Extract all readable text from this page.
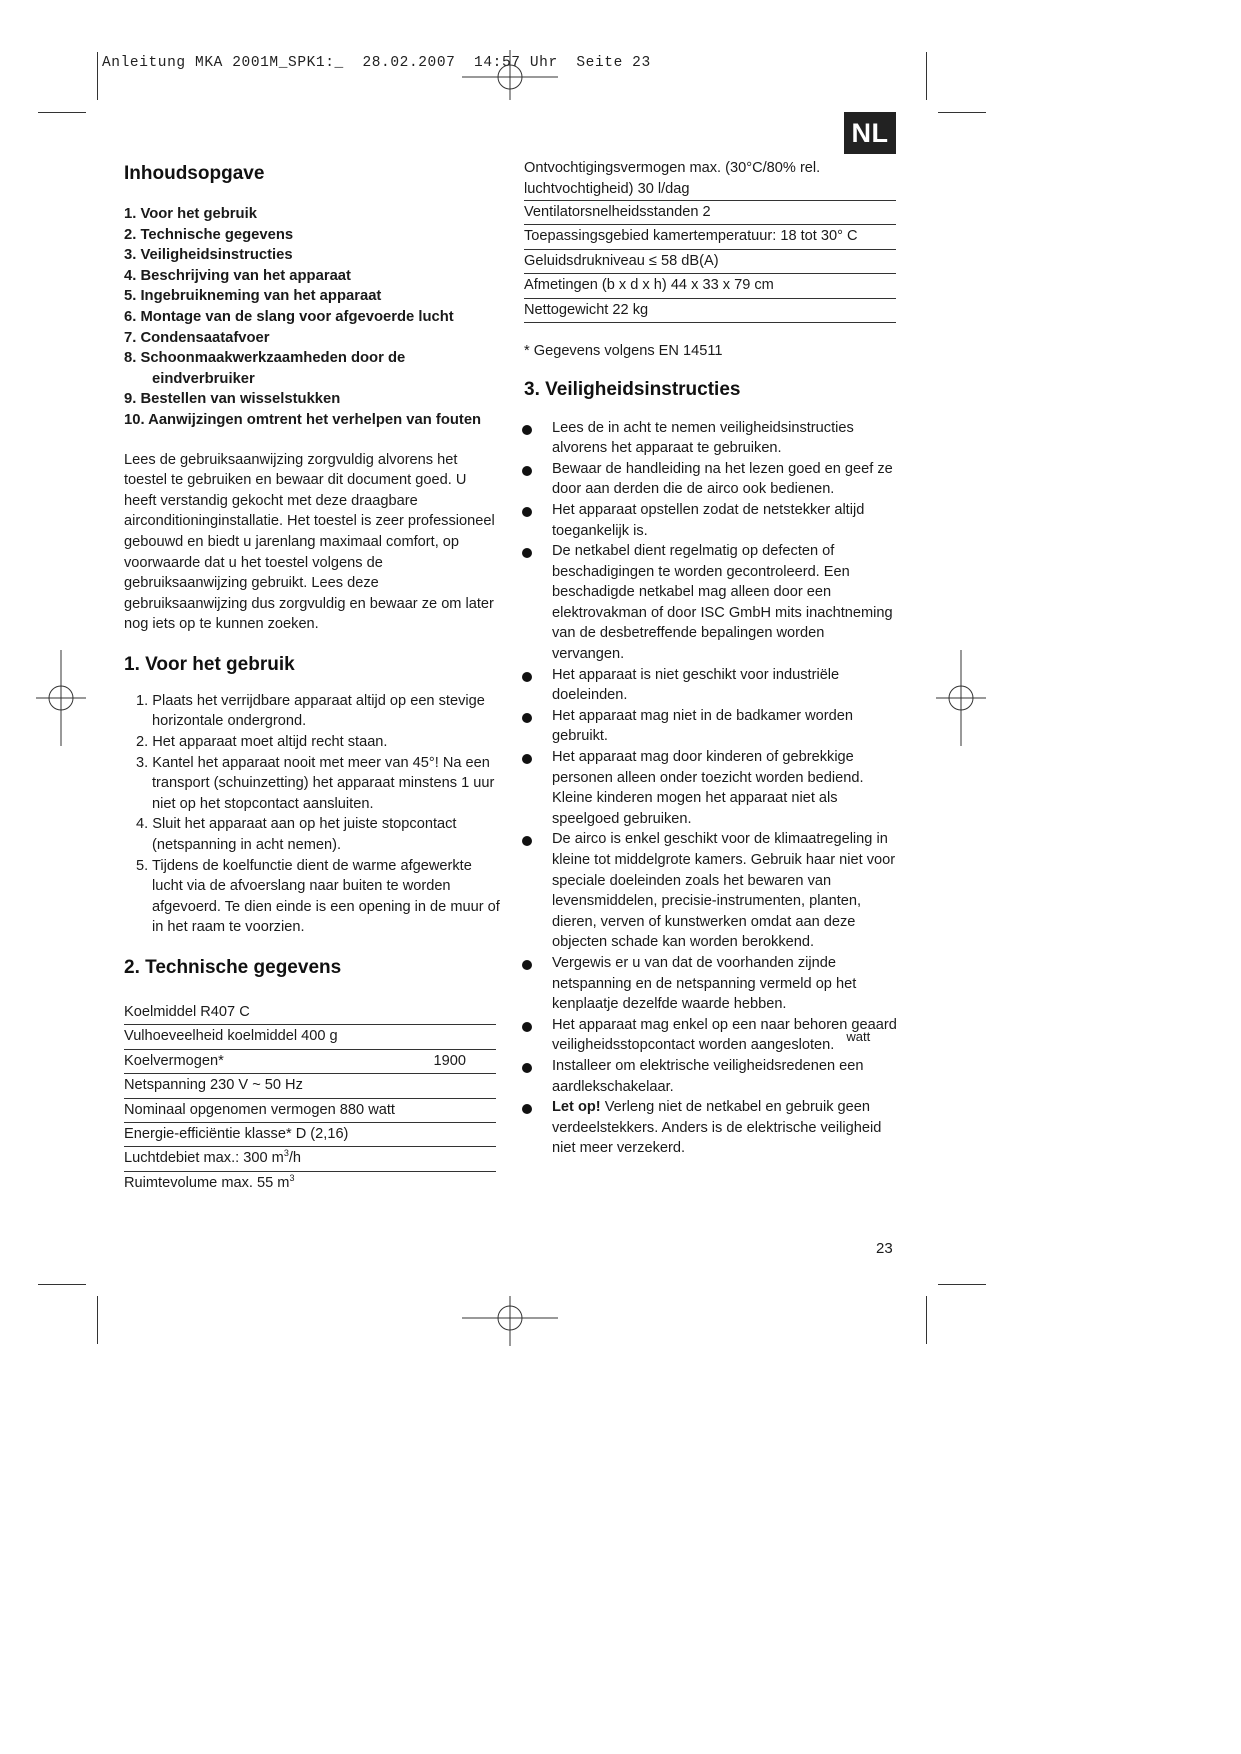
Anleitung MKA 2001M_SPK1:_  28.02.2007  14:57 Uhr  Seite 23
NL
Inhoudsopgave
1. Voor het gebruik
2. Technische gegevens
3. Veiligheidsinstructies
4. Beschrijving van het apparaat
5. Ingebruikneming van het apparaat
6. Montage van de slang voor afgevoerde lucht
7. Condensaatafvoer
8. Schoonmaakwerkzaamheden door de eindverbruiker
9. Bestellen van wisselstukken
10. Aanwijzingen omtrent het verhelpen van fouten

Lees de gebruiksaanwijzing zorgvuldig alvorens het toestel te gebruiken en bewaar dit document goed. U heeft verstandig gekocht met deze draagbare airconditioninginstallatie. Het toestel is zeer professioneel gebouwd en biedt u jarenlang maximaal comfort, op voorwaarde dat u het toestel volgens de gebruiksaanwijzing gebruikt. Lees deze gebruiksaanwijzing dus zorgvuldig en bewaar ze om later nog iets op te kunnen zoeken.

1. Voor het gebruik
1. Plaats het verrijdbare apparaat altijd op een stevige horizontale ondergrond.
2. Het apparaat moet altijd recht staan.
3. Kantel het apparaat nooit met meer van 45°! Na een transport (schuinzetting) het apparaat minstens 1 uur niet op het stopcontact aansluiten.
4. Sluit het apparaat aan op het juiste stopcontact (netspanning in acht nemen).
5. Tijdens de koelfunctie dient de warme afgewerkte lucht via de afvoerslang naar buiten te worden afgevoerd. Te dien einde is een opening in de muur of in het raam te voorzien.
2. Technische gegevens
Koelmiddel R407 C
Vulhoeveelheid koelmiddel 400 g
Koelvermogen*	1900
Netspanning 230 V ~ 50 Hz
Nominaal opgenomen vermogen 880 watt
Energie-efficiëntie klasse* D (2,16)
Luchtdebiet max.: 300 $m^3/h$
Ruimtevolume max. 55 $m^3$
Ontvochtigingsvermogen max. (30°C/80% rel. luchtvochtigheid) 30 l/dag
Ventilatorsnelheidsstanden 2
Toepassingsgebied kamertemperatuur: 18 tot 30° C
Geluidsdrukniveau ≤ 58 dB(A)
Afmetingen (b x d x h) 44 x 33 x 79 cm
Nettogewicht 22 kg

* Gegevens volgens EN 14511

3. Veiligheidsinstructies
Lees de in acht te nemen veiligheidsinstructies alvorens het apparaat te gebruiken.
Bewaar de handleiding na het lezen goed en geef ze door aan derden die de airco ook bedienen.
Het apparaat opstellen zodat de netstekker altijd toegankelijk is.
De netkabel dient regelmatig op defecten of beschadigingen te worden gecontroleerd. Een beschadigde netkabel mag alleen door een elektrovakman of door ISC GmbH mits inachtneming van de desbetreffende bepalingen worden vervangen.
Het apparaat is niet geschikt voor industriële doeleinden.
Het apparaat mag niet in de badkamer worden gebruikt.
Het apparaat mag door kinderen of gebrekkige personen alleen onder toezicht worden bediend. Kleine kinderen mogen het apparaat niet als speelgoed gebruiken.
De airco is enkel geschikt voor de klimaatregeling in kleine tot middelgrote kamers. Gebruik haar niet voor speciale doeleinden zoals het bewaren van levensmiddelen, precisie-instrumenten, planten, dieren, verven of kunstwerken omdat aan deze objecten schade kan worden berokkend.
Vergewis er u van dat de voorhanden zijnde netspanning en de netspanning vermeld op het kenplaatje dezelfde waarde hebben.
Het apparaat mag enkel op een naar behoren geaard veiligheidsstopcontact worden aangesloten.watt
Installeer om elektrische veiligheidsredenen een aardlekschakelaar.
Let op! Verleng niet de netkabel en gebruik geen verdeelstekkers. Anders is de elektrische veiligheid niet meer verzekerd.
23
